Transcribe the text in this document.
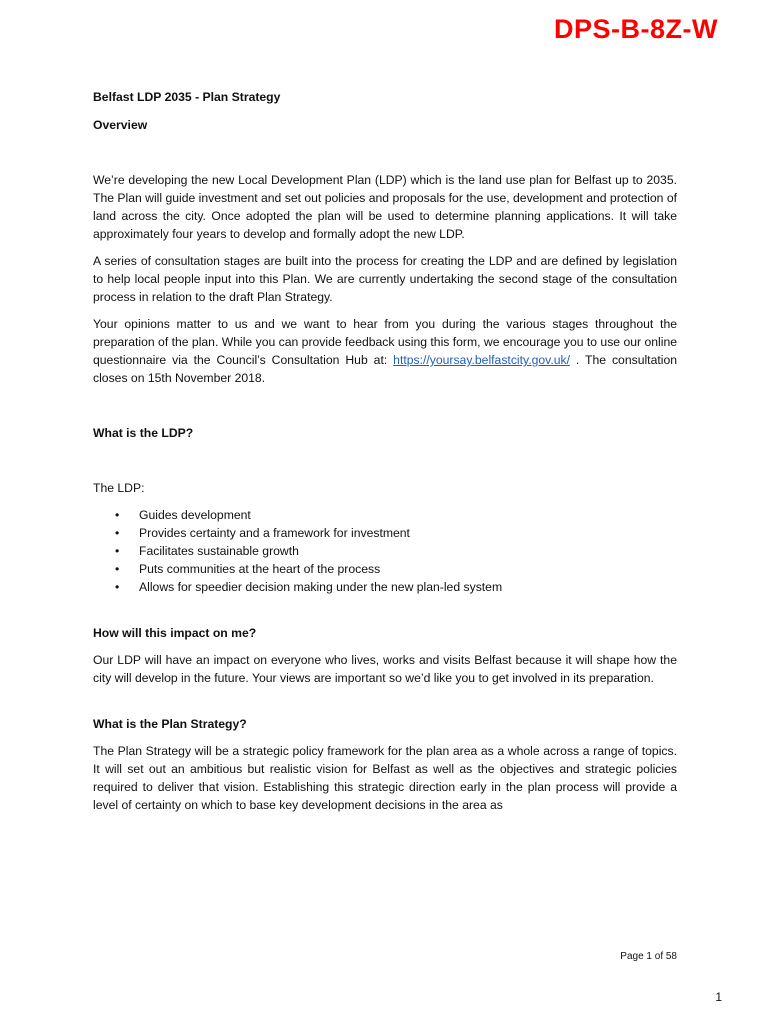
DPS-B-8Z-W

Belfast LDP 2035 - Plan Strategy

Overview

We’re developing the new Local Development Plan (LDP) which is the land use plan for Belfast up to 2035. The Plan will guide investment and set out policies and proposals for the use, development and protection of land across the city. Once adopted the plan will be used to determine planning applications. It will take approximately four years to develop and formally adopt the new LDP.

A series of consultation stages are built into the process for creating the LDP and are defined by legislation to help local people input into this Plan. We are currently undertaking the second stage of the consultation process in relation to the draft Plan Strategy.

Your opinions matter to us and we want to hear from you during the various stages throughout the preparation of the plan. While you can provide feedback using this form, we encourage you to use our online questionnaire via the Council’s Consultation Hub at: https://yoursay.belfastcity.gov.uk/ . The consultation closes on 15th November 2018.

What is the LDP?

The LDP:

• Guides development
• Provides certainty and a framework for investment
• Facilitates sustainable growth
• Puts communities at the heart of the process
• Allows for speedier decision making under the new plan-led system

How will this impact on me?

Our LDP will have an impact on everyone who lives, works and visits Belfast because it will shape how the city will develop in the future. Your views are important so we’d like you to get involved in its preparation.

What is the Plan Strategy?

The Plan Strategy will be a strategic policy framework for the plan area as a whole across a range of topics. It will set out an ambitious but realistic vision for Belfast as well as the objectives and strategic policies required to deliver that vision. Establishing this strategic direction early in the plan process will provide a level of certainty on which to base key development decisions in the area as

Page 1 of 58
1
